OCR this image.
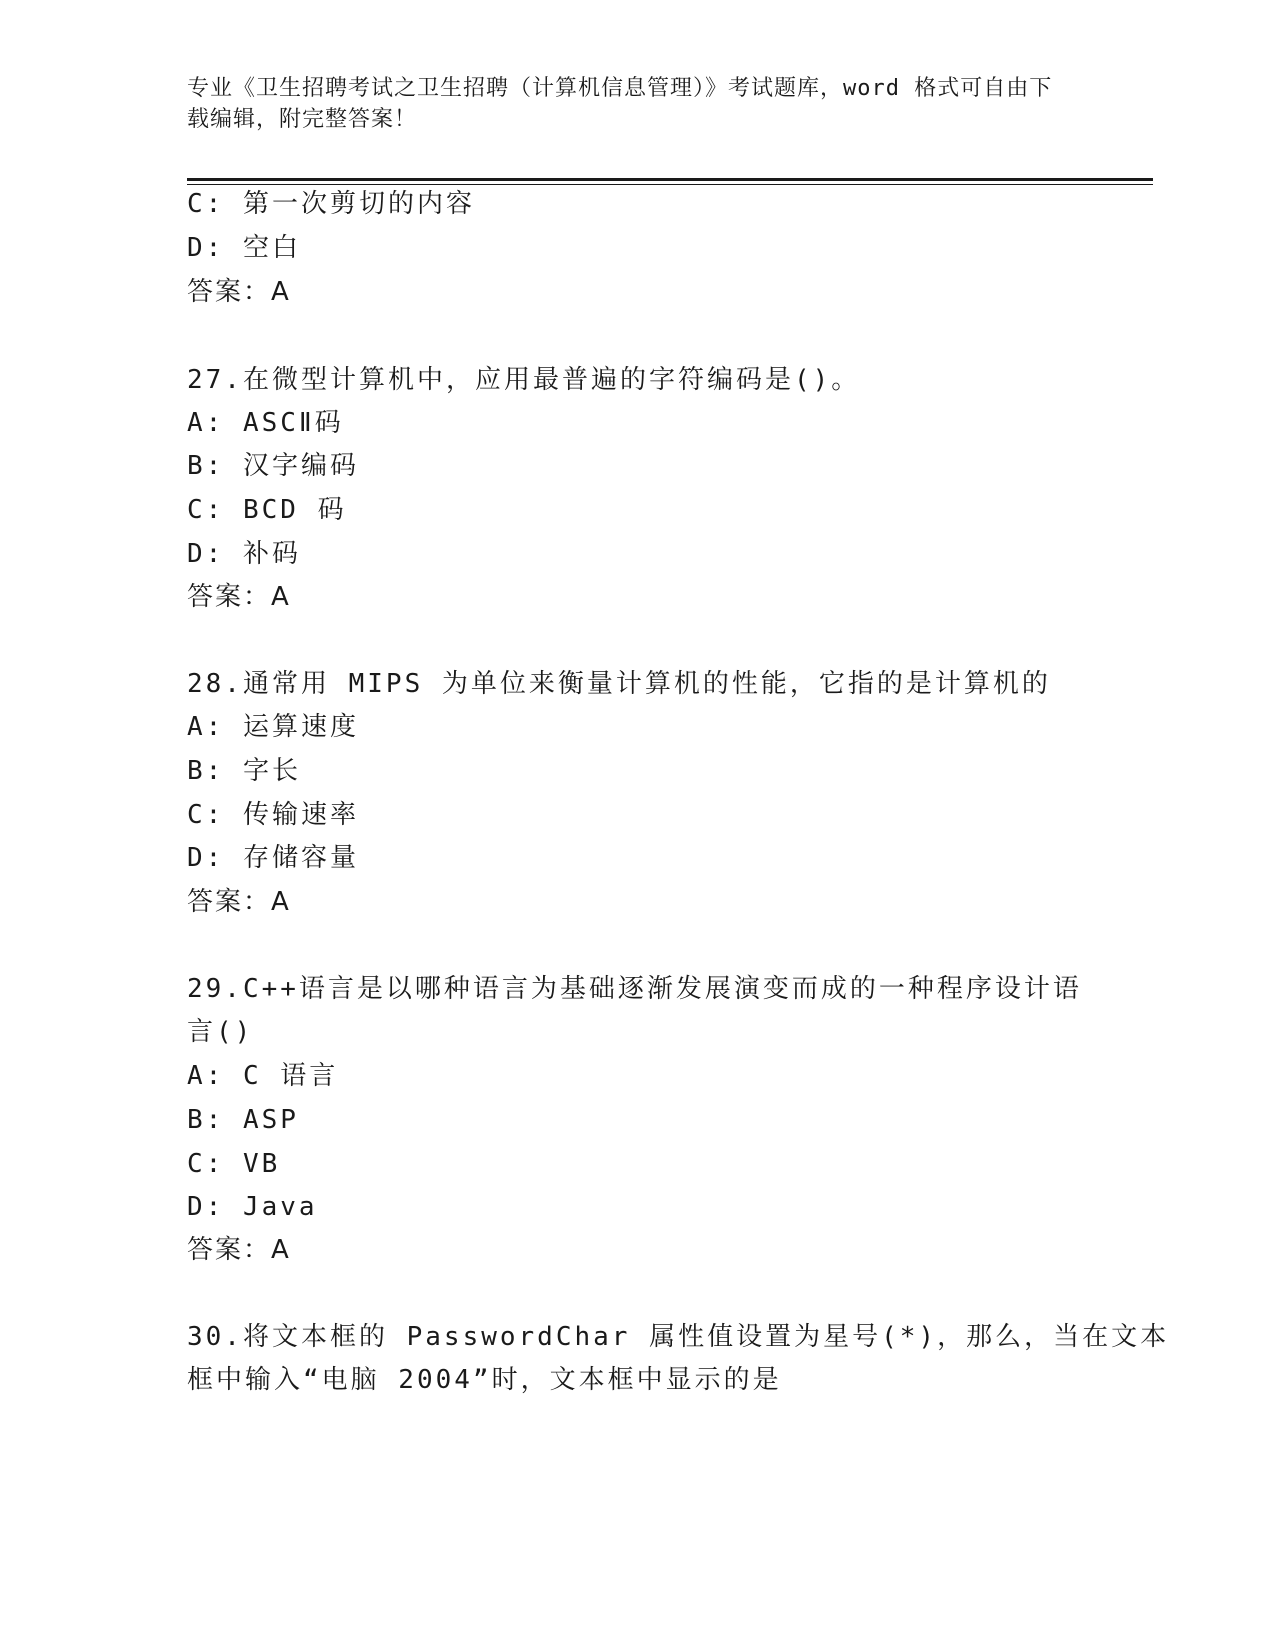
专业《卫生招聘考试之卫生招聘（计算机信息管理）》考试题库，word 格式可自由下载编辑，附完整答案！
C: 第一次剪切的内容
D: 空白
答案：A
27.在微型计算机中，应用最普遍的字符编码是()。
A: ASCⅡ码
B: 汉字编码
C: BCD 码
D: 补码
答案：A
28.通常用 MIPS 为单位来衡量计算机的性能，它指的是计算机的
A: 运算速度
B: 字长
C: 传输速率
D: 存储容量
答案：A
29.C++语言是以哪种语言为基础逐渐发展演变而成的一种程序设计语
言()
A: C 语言
B: ASP
C: VB
D: Java
答案：A
30.将文本框的 PasswordChar 属性值设置为星号(*)，那么，当在文本
框中输入“电脑 2004”时，文本框中显示的是
